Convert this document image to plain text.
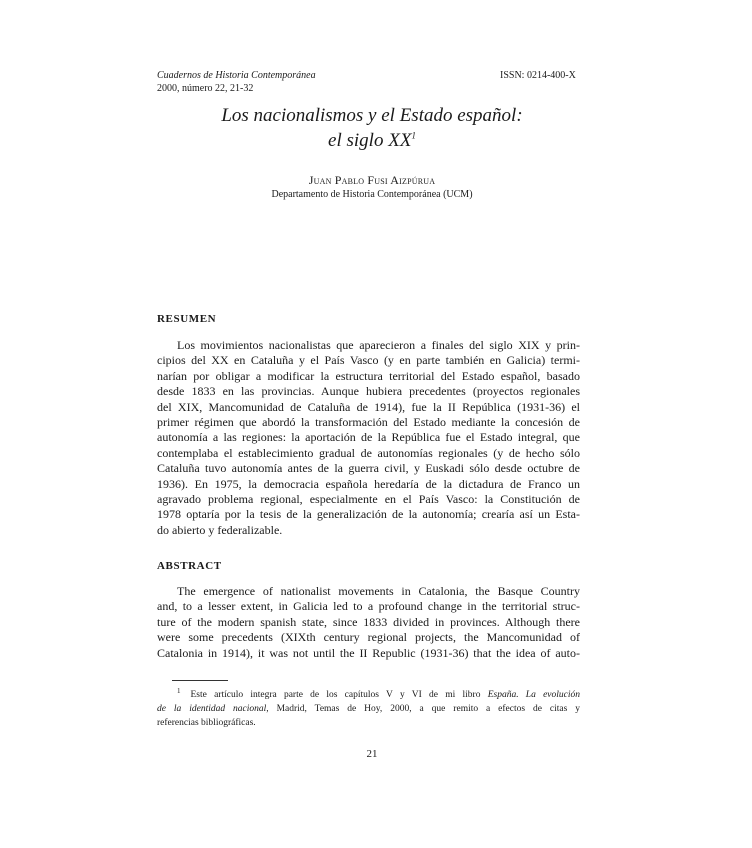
Cuadernos de Historia Contemporánea
2000, número 22, 21-32
ISSN: 0214-400-X
Los nacionalismos y el Estado español:
el siglo $XX^1$
Juan Pablo Fusi Aizpúrua
Departamento de Historia Contemporánea (UCM)
RESUMEN
Los movimientos nacionalistas que aparecieron a finales del siglo XIX y prin-
cipios del XX en Cataluña y el País Vasco (y en parte también en Galicia) termi-
narían por obligar a modificar la estructura territorial del Estado español, basado
desde 1833 en las provincias. Aunque hubiera precedentes (proyectos regionales
del XIX, Mancomunidad de Cataluña de 1914), fue la II República (1931-36) el
primer régimen que abordó la transformación del Estado mediante la concesión de
autonomía a las regiones: la aportación de la República fue el Estado integral, que
contemplaba el establecimiento gradual de autonomías regionales (y de hecho sólo
Cataluña tuvo autonomía antes de la guerra civil, y Euskadi sólo desde octubre de
1936). En 1975, la democracia española heredaría de la dictadura de Franco un
agravado problema regional, especialmente en el País Vasco: la Constitución de
1978 optaría por la tesis de la generalización de la autonomía; crearía así un Esta-
do abierto y federalizable.
ABSTRACT
The emergence of nationalist movements in Catalonia, the Basque Country
and, to a lesser extent, in Galicia led to a profound change in the territorial struc-
ture of the modern spanish state, since 1833 divided in provinces. Although there
were some precedents (XIXth century regional projects, the Mancomunidad of
Catalonia in 1914), it was not until the II Republic (1931-36) that the idea of auto-
$^1$ Este artículo integra parte de los capítulos V y VI de mi libro España. La evolución
de la identidad nacional, Madrid, Temas de Hoy, 2000, a que remito a efectos de citas y
referencias bibliográficas.
21
